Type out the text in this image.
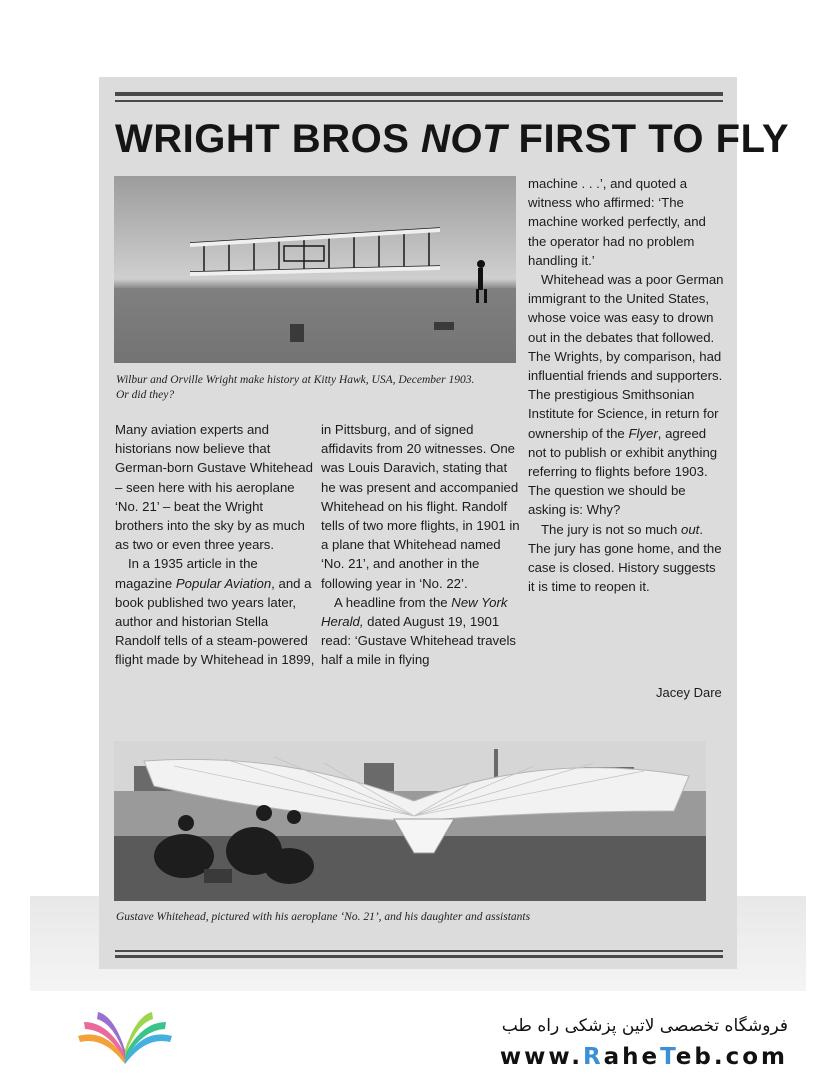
WRIGHT BROS NOT FIRST TO FLY
Wilbur and Orville Wright make history at Kitty Hawk, USA, December 1903.
Or did they?

Many aviation experts and historians now believe that German-born Gustave Whitehead – seen here with his aeroplane ‘No. 21’ – beat the Wright brothers into the sky by as much as two or even three years.

In a 1935 article in the magazine Popular Aviation, and a book published two years later, author and historian Stella Randolf tells of a steam-powered flight made by Whitehead in 1899,

in Pittsburg, and of signed affidavits from 20 witnesses. One was Louis Daravich, stating that he was present and accompanied Whitehead on his flight. Randolf tells of two more flights, in 1901 in a plane that Whitehead named ‘No. 21’, and another in the following year in ‘No. 22’.

A headline from the New York Herald, dated August 19, 1901 read: ‘Gustave Whitehead travels half a mile in flying

machine . . .’, and quoted a witness who affirmed: ‘The machine worked perfectly, and the operator had no problem handling it.’

Whitehead was a poor German immigrant to the United States, whose voice was easy to drown out in the debates that followed. The Wrights, by comparison, had influential friends and supporters. The prestigious Smithsonian Institute for Science, in return for ownership of the Flyer, agreed not to publish or exhibit anything referring to flights before 1903. The question we should be asking is: Why?

The jury is not so much out. The jury has gone home, and the case is closed. History suggests it is time to reopen it.

Jacey Dare
Gustave Whitehead, pictured with his aeroplane ‘No. 21’, and his daughter and assistants
فروشگاه تخصصی لاتین پزشکی راه طب
www.RaheTeb.com
